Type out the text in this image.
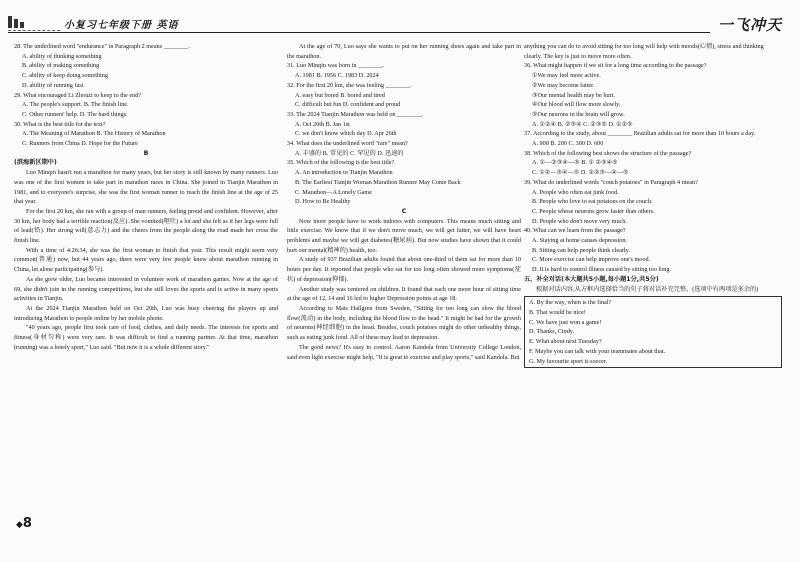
小复习七年级下册 英语	一飞冲天

28. The underlined word "endurance" in Paragraph 2 means ________.

A. ability of thinking something

B. ability of making something

C. ability of keep doing something

D. ability of running fast

29. What encouraged Li Zhouzi to keep to the end?

A. The people's support. B. The finish line.

C. Other runners' help. D. The hard things.

30. What is the best title for the text?

A. The Meaning of Marathon B. The History of Marathon

C. Runners from China D. Hope for the Future

B

(滨海新区期中)

Luo Minqin hasn't run a marathon for many years, but her story is still known by many runners. Luo was one of the first women to take part in marathon races in China. She joined in Tianjin Marathon in 1981, and to everyone's surprise, she was the first woman runner to reach the finish line at the age of 25 that year.

For the first 20 km, she ran with a group of man runners, feeling proud and confident. However, after 30 km, her body had a terrible reaction(反应). She vomited(呕吐) a lot and she felt as if her legs were full of lead(铅). Her strong will(意志力) and the cheers from the people along the road made her cross the finish line.

With a time of 4:26:34, she was the first woman to finish that year. This result might seem very common(普通) now, but 44 years ago, there were very few people knew about marathon running in China, let alone participating(参与).

As she grew older, Luo became interested in volunteer work of marathon games. Now at the age of 69, she didn't join in the running competitions, but she still loves the sports and is active in many sports activities in Tianjin.

At the 2024 Tianjin Marathon held on Oct 20th, Luo was busy cheering the players up and introducing Marathon to people online by her mobile phone.

"40 years ago, people first took care of food, clothes, and daily needs. The interests for sports and fitness(身材匀称) were very rare. It was difficult to find a running partner. At that time, marathon (running) was a lonely sport," Luo said. "But now it is a whole different story."

At the age of 70, Luo says she wants to put on her running shoes again and take part in the marathon.

31. Luo Minqin was born in ________.

A. 1981 B. 1956 C. 1983 D. 2024

32. For the first 20 km, she was feeling ________.

A. easy but bored B. bored and tired

C. difficult but fun D. confident and proud

33. The 2024 Tianjin Marathon was held on ________.

A. Oct 20th B. Jan 1st

C. we don't know which day D. Apr 26th

34. What does the underlined word "rare" mean?

A. 丰盛的 B. 常见的 C. 罕见的 D. 迅速的

35. Which of the following is the best title?

A. An introduction to Tianjin Marathon

B. The Earliest Tianjin Woman Marathon Runner May Come Back

C. Marathon—A Lonely Game

D. How to Be Healthy

C

Now more people have to work indoors with computers. This means much sitting and little exercise. We know that if we don't move much, we will get fatter, we will have heart problems and maybe we will get diabetes(糖尿病). But now studies have shown that it could hurt our mental(精神的) health, too.

A study of 937 Brazilian adults found that about one-third of them sat for more than 10 hours per day. It reported that people who sat for too long often showed more symptoms(症状) of depression(抑郁).

Another study was centered on children. It found that each one more hour of sitting time at the age of 12, 14 and 16 led to higher Depression points at age 18.

According to Mats Hallgren from Sweden, "Sitting for too long can slow the blood flow(流动) in the body, including the blood flow to the head." It might be bad for the growth of neurons(神经细胞) in the head. Besides, couch potatoes might do other unhealthy things, such as eating junk food. All of these may lead to depression.

The good news? It's easy to control. Aaron Kandola from University College London, said even light exercise might help, "It is great to exercise and play sports," said Kandola. But

anything you can do to avoid sitting for too long will help with moods(心情), stress and thinking clearly. The key is just to move more often.

36. What might happen if we sit for a long time according to the passage?

①We may feel more active.

②We may become fatter.

③Our mental health may be hurt.

④Our blood will flow more slowly.

⑤Our neurons in the brain will grow.

A. ①②④ B. ②③④ C. ②③⑤ D. ①②⑤

37. According to the study, about ________ Brazilian adults sat for more than 10 hours a day.

A. 900 B. 200 C. 300 D. 600

38. Which of the following best shows the structure of the passage?

A. ①—②③④—⑤ B. ① ②③④⑤

C. ①②—③④—⑤ D. ①②③—④—⑤

39. What do underlined words "couch potatoes" in Paragraph 4 mean?

A. People who often eat junk food.

B. People who love to eat potatoes on the couch.

C. People whose neurons grow faster than others.

D. People who don't move very much.

40. What can we learn from the passage?

A. Staying at home causes depression.

B. Sitting can help people think clearly.

C. More exercise can help improve one's mood.

D. It is hard to control illness caused by sitting too long.

五、补全对话(本大题共5小题,每小题1分,共5分)

根据对话内容,从方框内选择恰当的句子将对话补充完整。(选项中有两项是多余的)

A. By the way, when is the final?

B. That would be nice!

C. We have just won a game!

D. Thanks, Cindy.

E. What about next Tuesday?

F. Maybe you can talk with your teammates about that.

G. My favourite sport is soccer.

◆8
